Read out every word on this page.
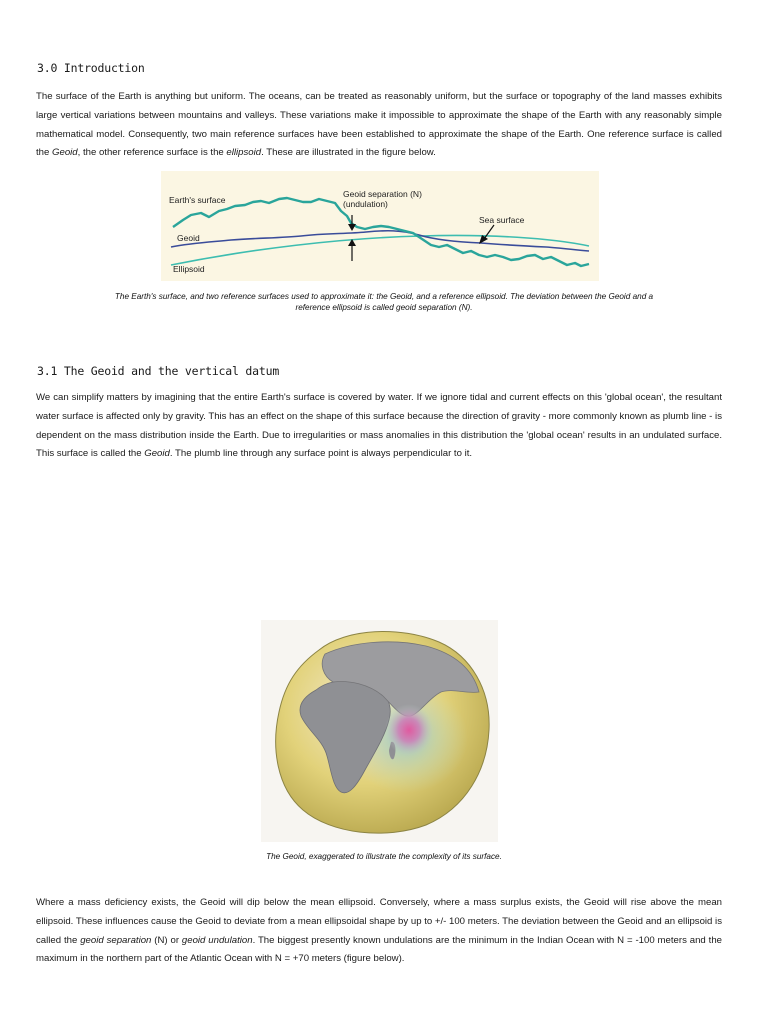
3.0 Introduction

The surface of the Earth is anything but uniform. The oceans, can be treated as reasonably uniform, but the surface or topography of the land masses exhibits large vertical variations between mountains and valleys. These variations make it impossible to approximate the shape of the Earth with any reasonably simple mathematical model. Consequently, two main reference surfaces have been established to approximate the shape of the Earth. One reference surface is called the Geoid, the other reference surface is the ellipsoid. These are illustrated in the figure below.

Earth's surface
Geoid
Ellipsoid
Geoid separation (N)
(undulation)
Sea surface

The Earth's surface, and two reference surfaces used to approximate it: the Geoid, and a reference ellipsoid. The deviation between the Geoid and a reference ellipsoid is called geoid separation (N).

3.1 The Geoid and the vertical datum

We can simplify matters by imagining that the entire Earth's surface is covered by water. If we ignore tidal and current effects on this 'global ocean', the resultant water surface is affected only by gravity. This has an effect on the shape of this surface because the direction of gravity - more commonly known as plumb line - is dependent on the mass distribution inside the Earth. Due to irregularities or mass anomalies in this distribution the 'global ocean' results in an undulated surface. This surface is called the Geoid. The plumb line through any surface point is always perpendicular to it.

The Geoid, exaggerated to illustrate the complexity of its surface.

Where a mass deficiency exists, the Geoid will dip below the mean ellipsoid. Conversely, where a mass surplus exists, the Geoid will rise above the mean ellipsoid. These influences cause the Geoid to deviate from a mean ellipsoidal shape by up to +/- 100 meters. The deviation between the Geoid and an ellipsoid is called the geoid separation (N) or geoid undulation. The biggest presently known undulations are the minimum in the Indian Ocean with N = -100 meters and the maximum in the northern part of the Atlantic Ocean with N = +70 meters (figure below).
